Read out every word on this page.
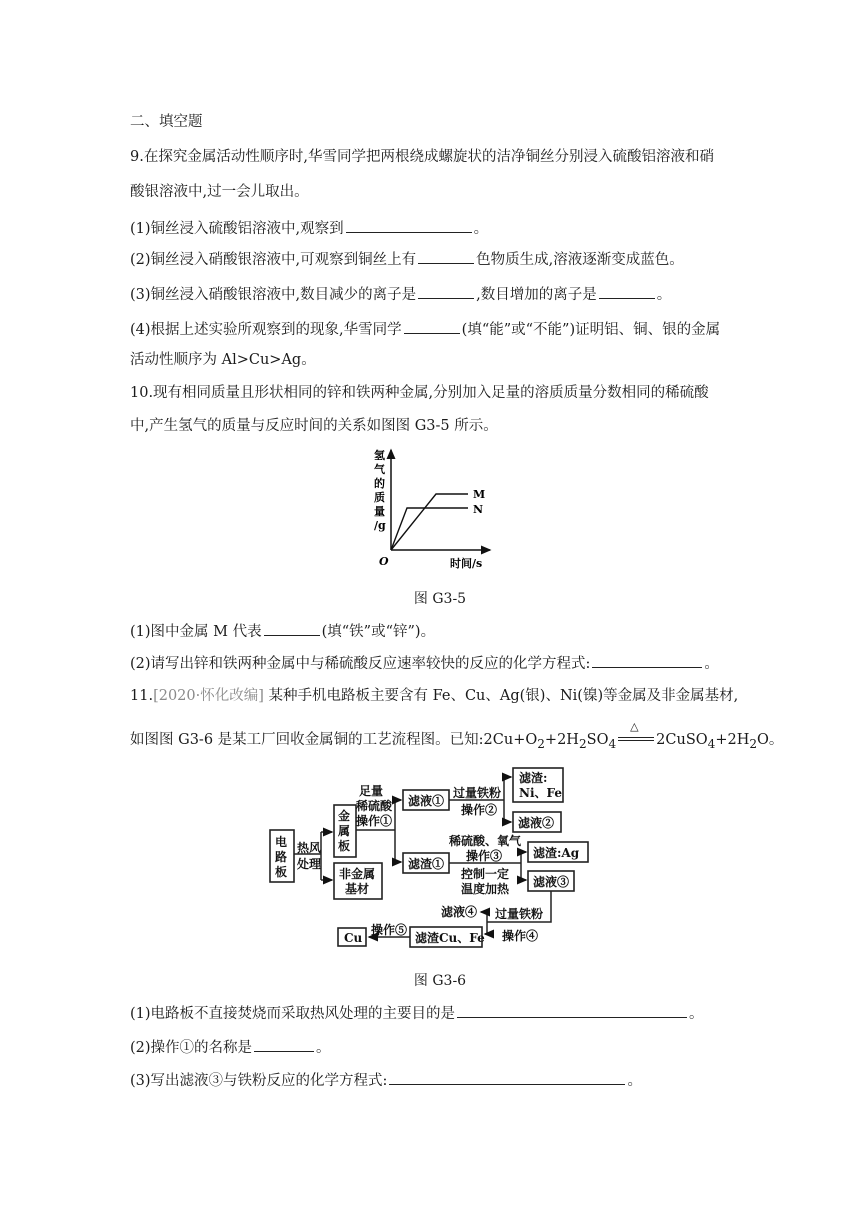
二、填空题
9.在探究金属活动性顺序时,华雪同学把两根绕成螺旋状的洁净铜丝分别浸入硫酸铝溶液和硝
酸银溶液中,过一会儿取出。
(1)铜丝浸入硫酸铝溶液中,观察到	。
(2)铜丝浸入硝酸银溶液中,可观察到铜丝上有	色物质生成,溶液逐渐变成蓝色。
(3)铜丝浸入硝酸银溶液中,数目减少的离子是	,数目增加的离子是	。
(4)根据上述实验所观察到的现象,华雪同学	(填“能”或“不能”)证明铝、铜、银的金属
活动性顺序为 Al>Cu>Ag。
10.现有相同质量且形状相同的锌和铁两种金属,分别加入足量的溶质质量分数相同的稀硫酸
中,产生氢气的质量与反应时间的关系如图图 G3-5 所示。
氢
气
的
质
量
/g
O	时间/s
M
N
图 G3-5
(1)图中金属 M 代表	(填“铁”或“锌”)。
(2)请写出锌和铁两种金属中与稀硫酸反应速率较快的反应的化学方程式:	。
11.[2020·怀化改编] 某种手机电路板主要含有 Fe、Cu、Ag(银)、Ni(镍)等金属及非金属基材,
如图图 G3-6 是某工厂回收金属铜的工艺流程图。已知$:2Cu+O_2+2H_2SO_4$
△
$2CuSO_4+2H_2O$。
电
路
板
热风
处理
金
属
板
非金属
基材
足量
稀硫酸
操作①
滤液①
滤渣①
过量铁粉
操作②
滤渣:
Ni、Fe
滤液②
稀硫酸、氧气
操作③
控制一定
温度加热
滤渣:Ag
滤液③
过量铁粉
操作④
滤液④
滤渣Cu、Fe
操作⑤
Cu
图 G3-6
(1)电路板不直接焚烧而采取热风处理的主要目的是	。
(2)操作①的名称是	。
(3)写出滤液③与铁粉反应的化学方程式:	。
